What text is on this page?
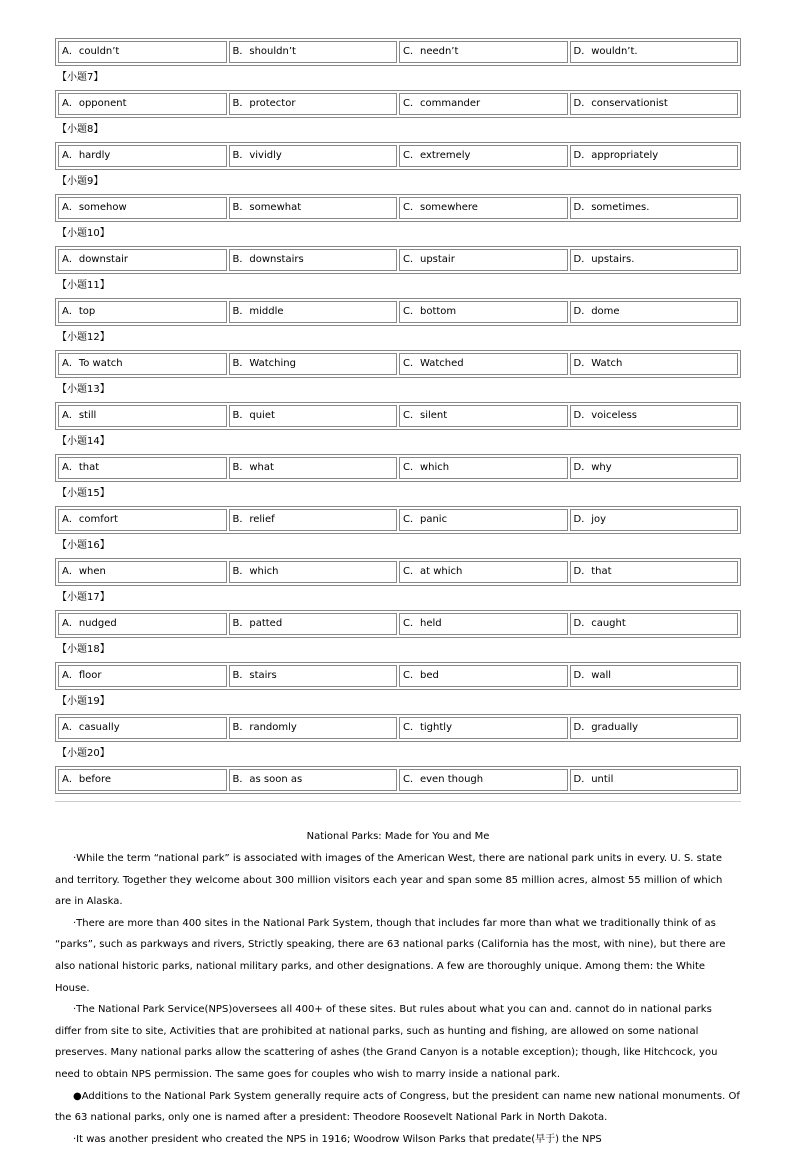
A．couldn’t	B．shouldn’t	C．needn’t	D．wouldn’t.
【小题7】
A．opponent	B．protector	C．commander	D．conservationist
【小题8】
A．hardly	B．vividly	C．extremely	D．appropriately
【小题9】
A．somehow	B．somewhat	C．somewhere	D．sometimes.
【小题10】
A．downstair	B．downstairs	C．upstair	D．upstairs.
【小题11】
A．top	B．middle	C．bottom	D．dome
【小题12】
A．To watch	B．Watching	C．Watched	D．Watch
【小题13】
A．still	B．quiet	C．silent	D．voiceless
【小题14】
A．that	B．what	C．which	D．why
【小题15】
A．comfort	B．relief	C．panic	D．joy
【小题16】
A．when	B．which	C．at which	D．that
【小题17】
A．nudged	B．patted	C．held	D．caught
【小题18】
A．floor	B．stairs	C．bed	D．wall
【小题19】
A．casually	B．randomly	C．tightly	D．gradually
【小题20】
A．before	B．as soon as	C．even though	D．until
National Parks: Made for You and Me

·While the term “national park” is associated with images of the American West, there are national park units in every. U. S. state and territory. Together they welcome about 300 million visitors each year and span some 85 million acres, almost 55 million of which are in Alaska.

·There are more than 400 sites in the National Park System, though that includes far more than what we traditionally think of as “parks”, such as parkways and rivers, Strictly speaking, there are 63 national parks (California has the most, with nine), but there are also national historic parks, national military parks, and other designations. A few are thoroughly unique. Among them: the White House.

·The National Park Service(NPS)oversees all 400+ of these sites. But rules about what you can and. cannot do in national parks differ from site to site, Activities that are prohibited at national parks, such as hunting and fishing, are allowed on some national preserves. Many national parks allow the scattering of ashes (the Grand Canyon is a notable exception); though, like Hitchcock, you need to obtain NPS permission. The same goes for couples who wish to marry inside a national park.

●Additions to the National Park System generally require acts of Congress, but the president can name new national monuments. Of the 63 national parks, only one is named after a president: Theodore Roosevelt National Park in North Dakota.

·It was another president who created the NPS in 1916; Woodrow Wilson Parks that predate(早于) the NPS
